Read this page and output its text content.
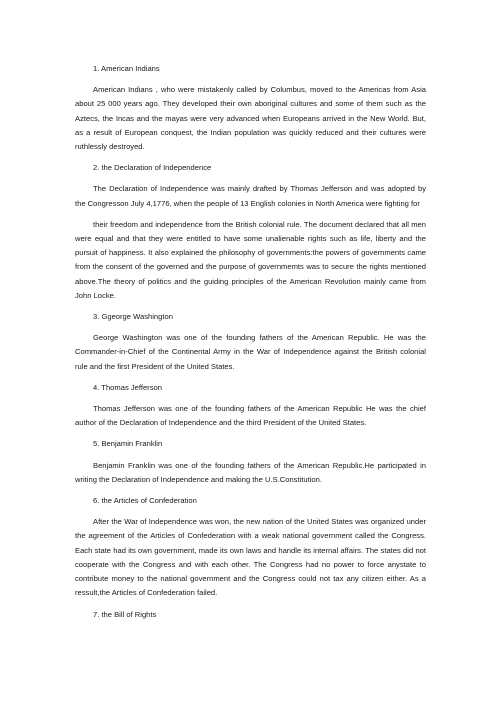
1. American Indians

American Indians , who were mistakenly called by Columbus, moved to the Americas from Asia about 25 000 years ago. They developed their own aboriginal cultures and some of them such as the Aztecs, the Incas and the mayas were very advanced when Europeans arrived in the New World. But, as a result of European conquest, the Indian population was quickly reduced and their cultures were ruthlessly destroyed.

2. the Declaration of Independence

The Declaration of Independence was mainly drafted by Thomas Jefferson and was adopted by the Congresson July 4,1776, when the people of 13 English colonies in North America were fighting for

their freedom and independence from the British colonial rule. The document declared that all men were equal and that they were entitled to have some unalienable rights such as life, liberty and the pursuit of happiness. It also explained the philosophy of governments:the powers of governments came from the consent of the governed and the purpose of governmemts was to secure the rights mentioned above.The theory of politics and the guiding principles of the American Revolution mainly came from John Locke.

3. Ggeorge Washington

George Washington was one of the founding fathers of the American Republic. He was the Commander-in-Chief of the Continental Army in the War of Independence against the British colonial rule and the first President of the United States.

4. Thomas Jefferson

Thomas Jefferson was one of the founding fathers of the American Republic He was the chief author of the Declaration of Independence and the third President of the United States.

5. Benjamin Franklin

Benjamin Franklin was one of the founding fathers of the American Republic.He participated in writing the Declaration of Independence and making the U.S.Constitution.

6. the Articles of Confederation

After the War of Independence was won, the new nation of the United States was organized under the agreement of the Articles of Confederation with a weak national government called the Congress. Each state had its own government, made its own laws and handle its internal affairs. The states did not cooperate with the Congress and with each other. The Congress had no power to force anystate to contribute money to the national government and the Congress could not tax any citizen either. As a ressult,the Articles of Confederation failed.

7. the Bill of Rights
